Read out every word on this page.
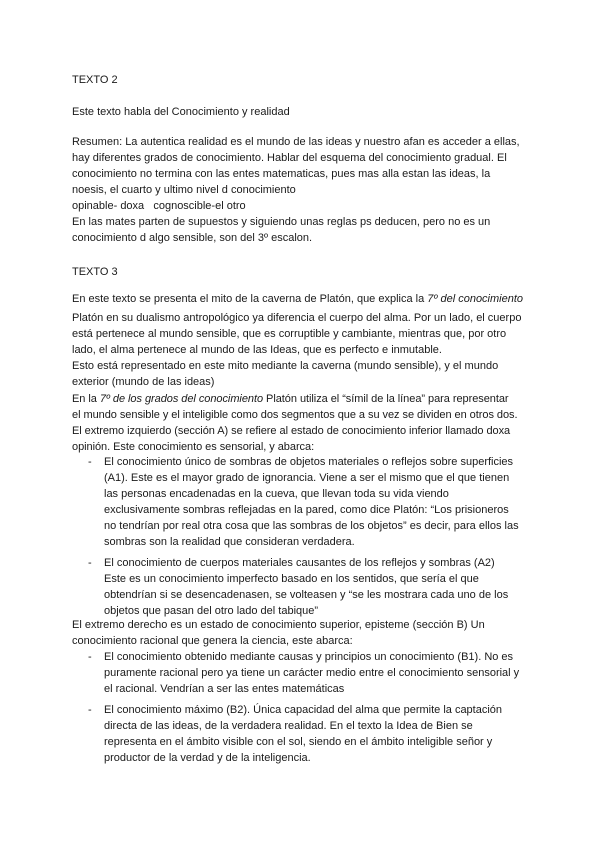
TEXTO 2

Este texto habla del Conocimiento y realidad

Resumen: La autentica realidad es el mundo de las ideas y nuestro afan es acceder a ellas,
hay diferentes grados de conocimiento. Hablar del esquema del conocimiento gradual. El
conocimiento no termina con las entes matematicas, pues mas alla estan las ideas, la
noesis, el cuarto y ultimo nivel d conocimiento
opinable- doxa   cognoscible-el otro
En las mates parten de supuestos y siguiendo unas reglas ps deducen, pero no es un
conocimiento d algo sensible, son del 3º escalon.

TEXTO 3

En este texto se presenta el mito de la caverna de Platón, que explica la 7º del conocimiento

Platón en su dualismo antropológico ya diferencia el cuerpo del alma. Por un lado, el cuerpo
está pertenece al mundo sensible, que es corruptible y cambiante, mientras que, por otro
lado, el alma pertenece al mundo de las Ideas, que es perfecto e inmutable.
Esto está representado en este mito mediante la caverna (mundo sensible), y el mundo
exterior (mundo de las ideas)
En la 7º de los grados del conocimiento Platón utiliza el “símil de la línea” para representar
el mundo sensible y el inteligible como dos segmentos que a su vez se dividen en otros dos.
El extremo izquierdo (sección A) se refiere al estado de conocimiento inferior llamado doxa
opinión. Este conocimiento es sensorial, y abarca:
- El conocimiento único de sombras de objetos materiales o reflejos sobre superficies
(A1). Este es el mayor grado de ignorancia. Viene a ser el mismo que el que tienen
las personas encadenadas en la cueva, que llevan toda su vida viendo
exclusivamente sombras reflejadas en la pared, como dice Platón: “Los prisioneros
no tendrían por real otra cosa que las sombras de los objetos” es decir, para ellos las
sombras son la realidad que consideran verdadera.
- El conocimiento de cuerpos materiales causantes de los reflejos y sombras (A2)
Este es un conocimiento imperfecto basado en los sentidos, que sería el que
obtendrían si se desencadenasen, se volteasen y “se les mostrara cada uno de los
objetos que pasan del otro lado del tabique”
El extremo derecho es un estado de conocimiento superior, episteme (sección B) Un
conocimiento racional que genera la ciencia, este abarca:
- El conocimiento obtenido mediante causas y principios un conocimiento (B1). No es
puramente racional pero ya tiene un carácter medio entre el conocimiento sensorial y
el racional. Vendrían a ser las entes matemáticas
- El conocimiento máximo (B2). Única capacidad del alma que permite la captación
directa de las ideas, de la verdadera realidad. En el texto la Idea de Bien se
representa en el ámbito visible con el sol, siendo en el ámbito inteligible señor y
productor de la verdad y de la inteligencia.
